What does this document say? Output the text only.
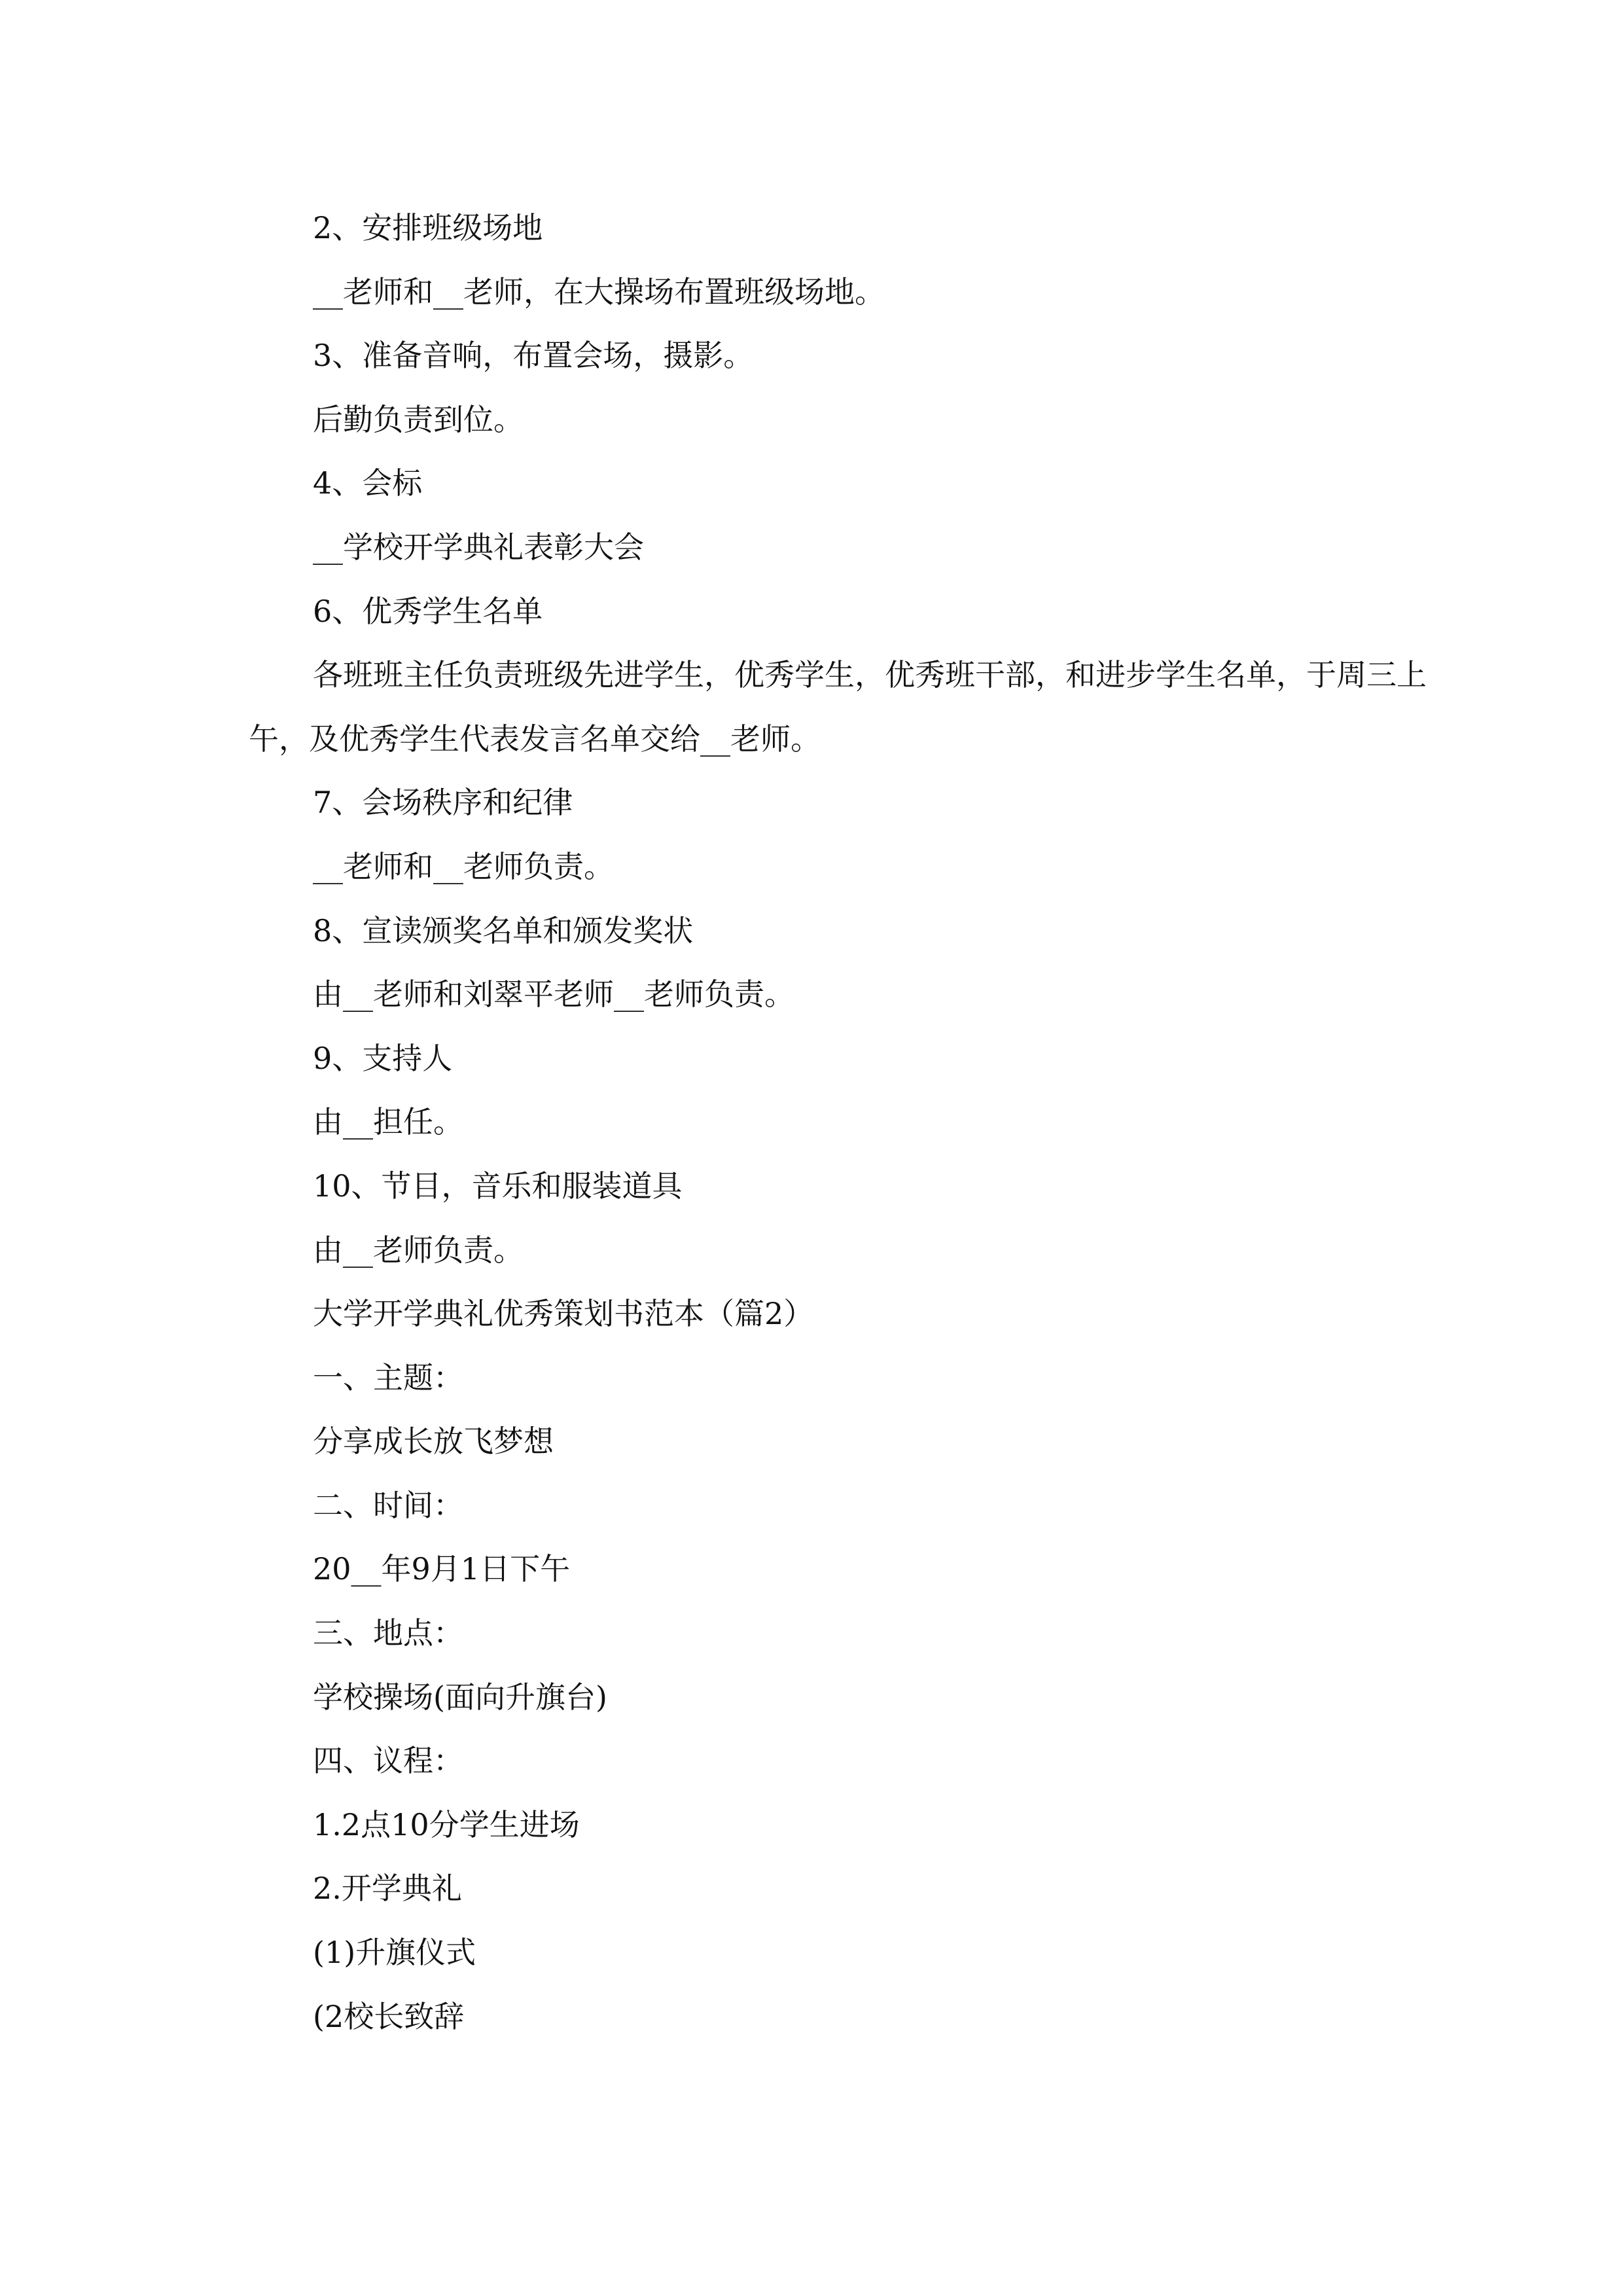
2、安排班级场地
__老师和__老师，在大操场布置班级场地。
3、准备音响，布置会场，摄影。
后勤负责到位。
4、会标
__学校开学典礼表彰大会
6、优秀学生名单
各班班主任负责班级先进学生，优秀学生，优秀班干部，和进步学生名单，于周三上午，及优秀学生代表发言名单交给__老师。
7、会场秩序和纪律
__老师和__老师负责。
8、宣读颁奖名单和颁发奖状
由__老师和刘翠平老师__老师负责。
9、支持人
由__担任。
10、节目，音乐和服装道具
由__老师负责。
大学开学典礼优秀策划书范本（篇2）
一、主题：
分享成长放飞梦想
二、时间：
20__年9月1日下午
三、地点：
学校操场(面向升旗台)
四、议程：
1.2点10分学生进场
2.开学典礼
(1)升旗仪式
(2校长致辞
